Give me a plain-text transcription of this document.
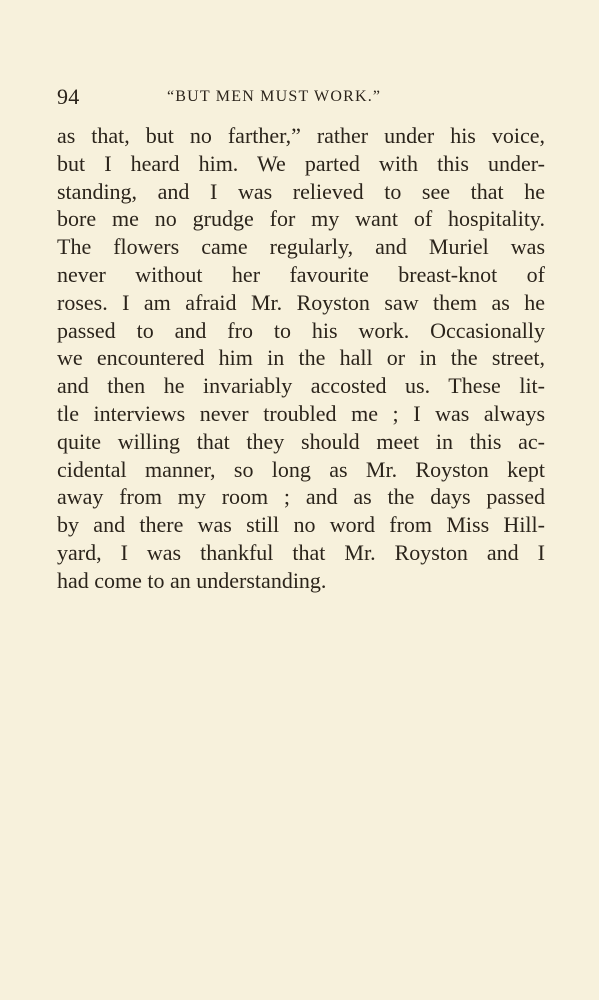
94	“BUT MEN MUST WORK.”
as that, but no farther,” rather under his voice,
but I heard him. We parted with this under-
standing, and I was relieved to see that he
bore me no grudge for my want of hospitality.
The flowers came regularly, and Muriel was
never without her favourite breast-knot of
roses. I am afraid Mr. Royston saw them as he
passed to and fro to his work. Occasionally
we encountered him in the hall or in the street,
and then he invariably accosted us. These lit-
tle interviews never troubled me ; I was always
quite willing that they should meet in this ac-
cidental manner, so long as Mr. Royston kept
away from my room ; and as the days passed
by and there was still no word from Miss Hill-
yard, I was thankful that Mr. Royston and I
had come to an understanding.
